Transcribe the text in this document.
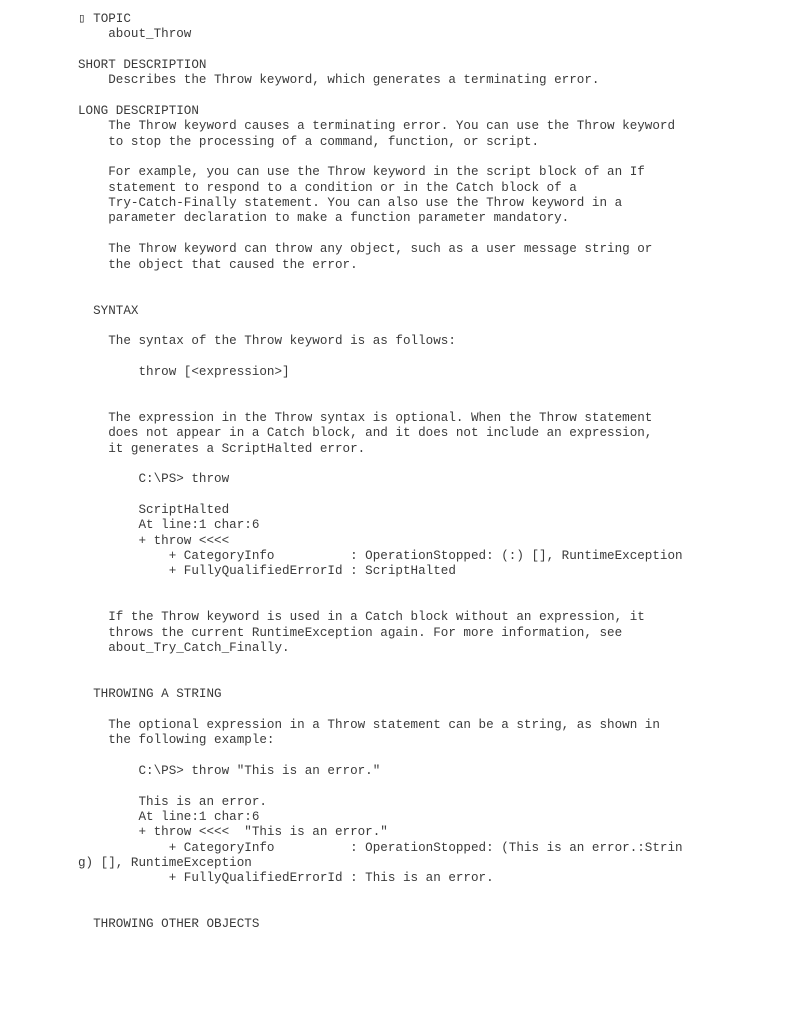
▯ TOPIC
about_Throw
SHORT DESCRIPTION
Describes the Throw keyword, which generates a terminating error.
LONG DESCRIPTION
The Throw keyword causes a terminating error. You can use the Throw keyword
to stop the processing of a command, function, or script.
For example, you can use the Throw keyword in the script block of an If
statement to respond to a condition or in the Catch block of a
Try-Catch-Finally statement. You can also use the Throw keyword in a
parameter declaration to make a function parameter mandatory.
The Throw keyword can throw any object, such as a user message string or
the object that caused the error.
SYNTAX
The syntax of the Throw keyword is as follows:
throw [<expression>]
The expression in the Throw syntax is optional. When the Throw statement
does not appear in a Catch block, and it does not include an expression,
it generates a ScriptHalted error.
C:\PS> throw
ScriptHalted
At line:1 char:6
+ throw <<<<
+ CategoryInfo          : OperationStopped: (:) [], RuntimeException
+ FullyQualifiedErrorId : ScriptHalted
If the Throw keyword is used in a Catch block without an expression, it
throws the current RuntimeException again. For more information, see
about_Try_Catch_Finally.
THROWING A STRING
The optional expression in a Throw statement can be a string, as shown in
the following example:
C:\PS> throw "This is an error."
This is an error.
At line:1 char:6
+ throw <<<<  "This is an error."
+ CategoryInfo          : OperationStopped: (This is an error.:Strin
g) [], RuntimeException
+ FullyQualifiedErrorId : This is an error.
THROWING OTHER OBJECTS
